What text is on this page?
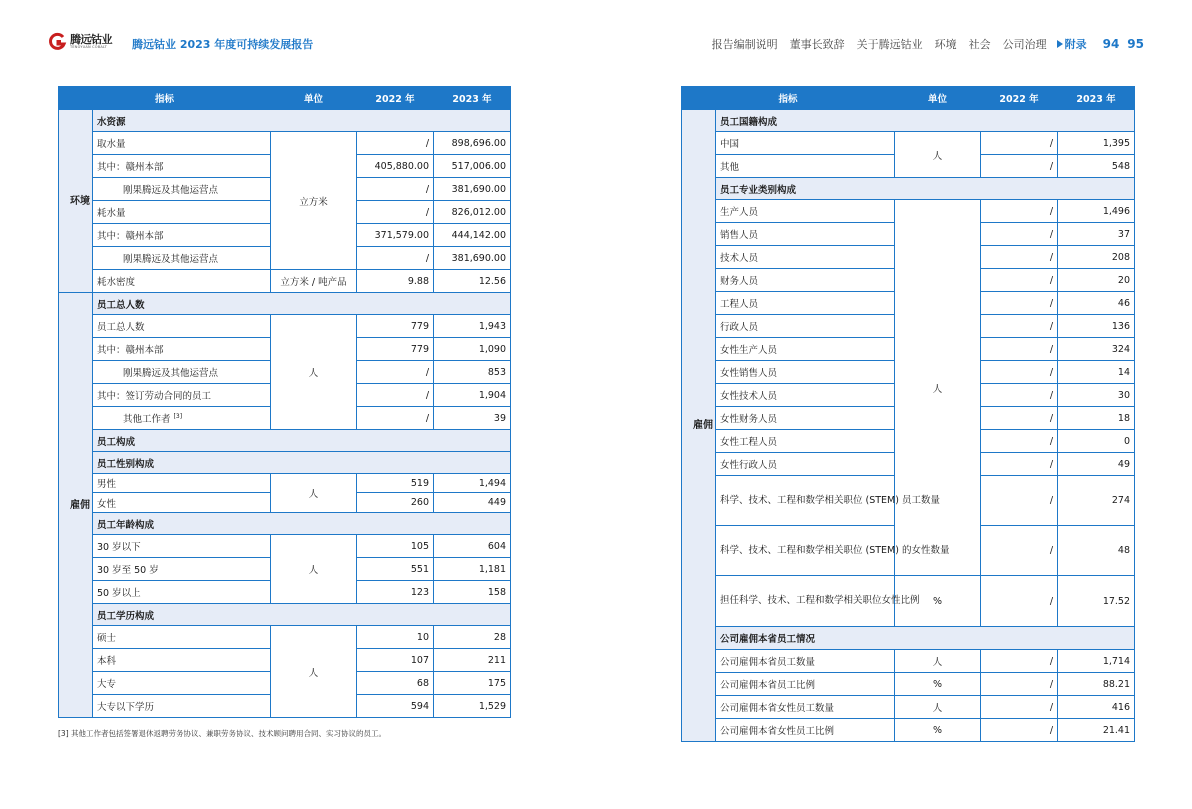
腾远钴业
TENGYUAN COBALT	腾远钴业 2023 年度可持续发展报告	报告编制说明 董事长致辞 关于腾远钴业 环境 社会 公司治理 附录 94 95
指标		单位	2022 年	2023 年
环境	水资源			
	取水量	立方米	/	898,696.00
	其中：赣州本部		405,880.00	517,006.00
	刚果腾远及其他运营点		/	381,690.00
	耗水量		/	826,012.00
	其中：赣州本部		371,579.00	444,142.00
	刚果腾远及其他运营点		/	381,690.00
	耗水密度	立方米 / 吨产品	9.88	12.56
雇佣	员工总人数			
	员工总人数	人	779	1,943
	其中：赣州本部		779	1,090
	刚果腾远及其他运营点		/	853
	其中：签订劳动合同的员工		/	1,904
	其他工作者 [3]		/	39
	员工构成			
	员工性别构成			
	男性	人	519	1,494
	女性		260	449
	员工年龄构成			
	30 岁以下	人	105	604
	30 岁至 50 岁		551	1,181
	50 岁以上		123	158
	员工学历构成			
	硕士	人	10	28
	本科		107	211
	大专		68	175
	大专以下学历		594	1,529
[3] 其他工作者包括签署退休返聘劳务协议、兼职劳务协议、技术顾问聘用合同、实习协议的员工。
指标		单位	2022 年	2023 年
雇佣	员工国籍构成			
	中国	人	/	1,395
	其他		/	548
	员工专业类别构成			
	生产人员	人	/	1,496
	销售人员		/	37
	技术人员		/	208
	财务人员		/	20
	工程人员		/	46
	行政人员		/	136
	女性生产人员		/	324
	女性销售人员		/	14
	女性技术人员		/	30
	女性财务人员		/	18
	女性工程人员		/	0
	女性行政人员		/	49
	科学、技术、工程和数学相关职位 (STEM) 员工数量		/	274
	科学、技术、工程和数学相关职位 (STEM) 的女性数量		/	48
	担任科学、技术、工程和数学相关职位女性比例	%	/	17.52
	公司雇佣本省员工情况			
	公司雇佣本省员工数量	人	/	1,714
	公司雇佣本省员工比例	%	/	88.21
	公司雇佣本省女性员工数量	人	/	416
	公司雇佣本省女性员工比例	%	/	21.41
